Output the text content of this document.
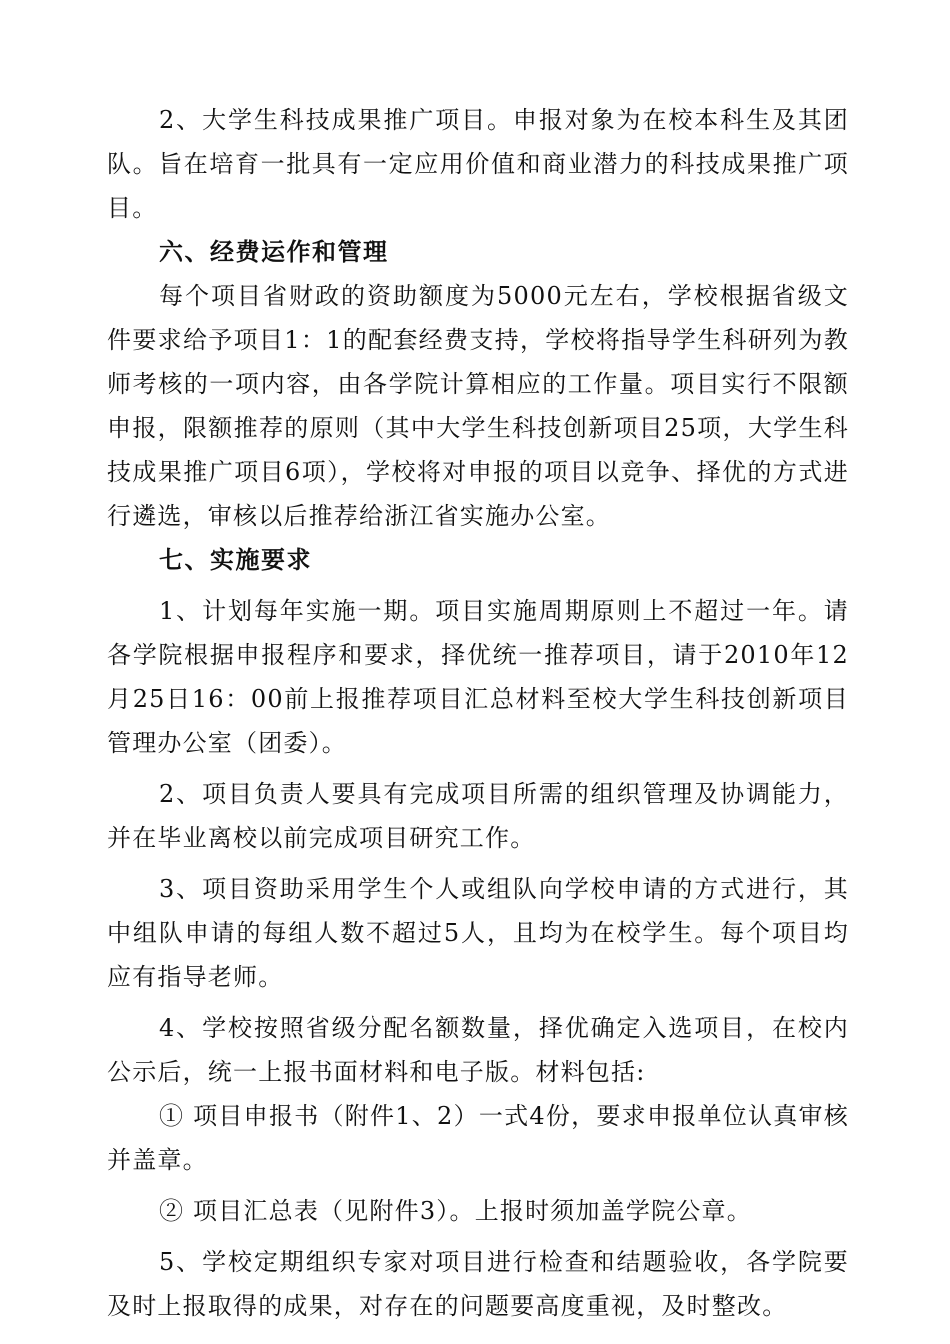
2、大学生科技成果推广项目。申报对象为在校本科生及其团队。旨在培育一批具有一定应用价值和商业潜力的科技成果推广项目。

六、经费运作和管理

每个项目省财政的资助额度为5000元左右，学校根据省级文件要求给予项目1：1的配套经费支持，学校将指导学生科研列为教师考核的一项内容，由各学院计算相应的工作量。项目实行不限额申报，限额推荐的原则（其中大学生科技创新项目25项，大学生科技成果推广项目6项），学校将对申报的项目以竞争、择优的方式进行遴选，审核以后推荐给浙江省实施办公室。

七、实施要求

1、计划每年实施一期。项目实施周期原则上不超过一年。请各学院根据申报程序和要求，择优统一推荐项目，请于2010年12月25日16：00前上报推荐项目汇总材料至校大学生科技创新项目管理办公室（团委）。

2、项目负责人要具有完成项目所需的组织管理及协调能力，并在毕业离校以前完成项目研究工作。

3、项目资助采用学生个人或组队向学校申请的方式进行，其中组队申请的每组人数不超过5人，且均为在校学生。每个项目均应有指导老师。

4、学校按照省级分配名额数量，择优确定入选项目，在校内公示后，统一上报书面材料和电子版。材料包括:

① 项目申报书（附件1、2）一式4份，要求申报单位认真审核并盖章。

② 项目汇总表（见附件3）。上报时须加盖学院公章。

5、学校定期组织专家对项目进行检查和结题验收，各学院要及时上报取得的成果，对存在的问题要高度重视，及时整改。
